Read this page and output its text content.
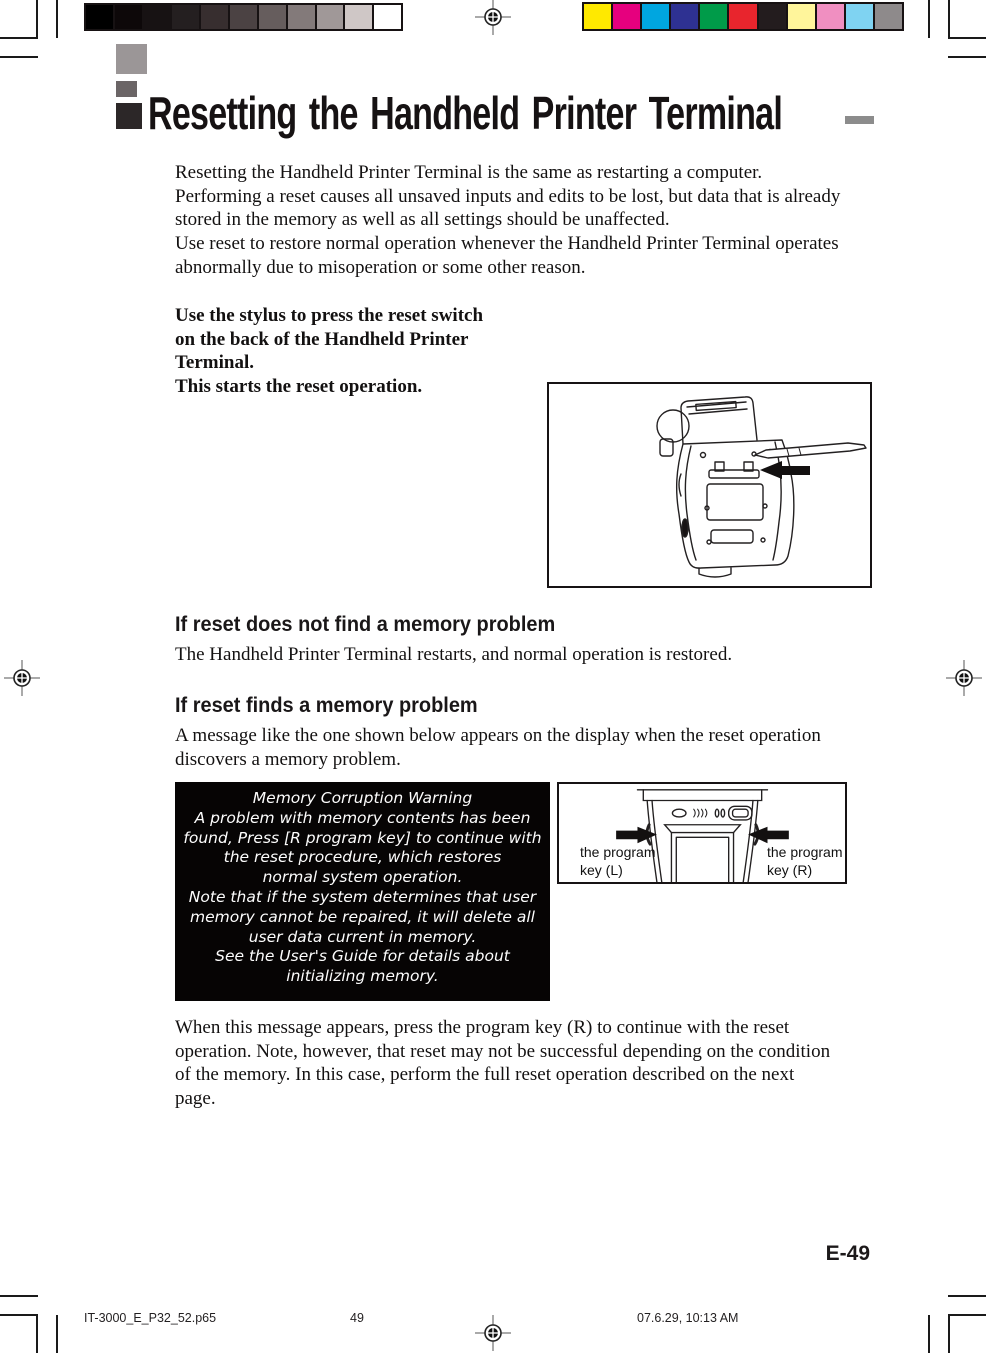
Resetting the Handheld Printer Terminal
Resetting the Handheld Printer Terminal is the same as restarting a computer.
Performing a reset causes all unsaved inputs and edits to be lost, but data that is already
stored in the memory as well as all settings should be unaffected.
Use reset to restore normal operation whenever the Handheld Printer Terminal operates
abnormally due to misoperation or some other reason.
Use the stylus to press the reset switch
on the back of the Handheld Printer
Terminal.
This starts the reset operation.
If reset does not find a memory problem
The Handheld Printer Terminal restarts, and normal operation is restored.
If reset finds a memory problem
A message like the one shown below appears on the display when the reset operation
discovers a memory problem.
Memory Corruption Warning
A problem with memory contents has been
found, Press [R program key] to continue with
the reset procedure, which restores
normal system operation.
Note that if the system determines that user
memory cannot be repaired, it will delete all
user data current in memory.
See the User's Guide for details about
initializing memory.
the program key (L)
the program key (R)
When this message appears, press the program key (R) to continue with the reset
operation. Note, however, that reset may not be successful depending on the condition
of the memory. In this case, perform the full reset operation described on the next
page.
E-49
IT-3000_E_P32_52.p65	49	07.6.29, 10:13 AM
